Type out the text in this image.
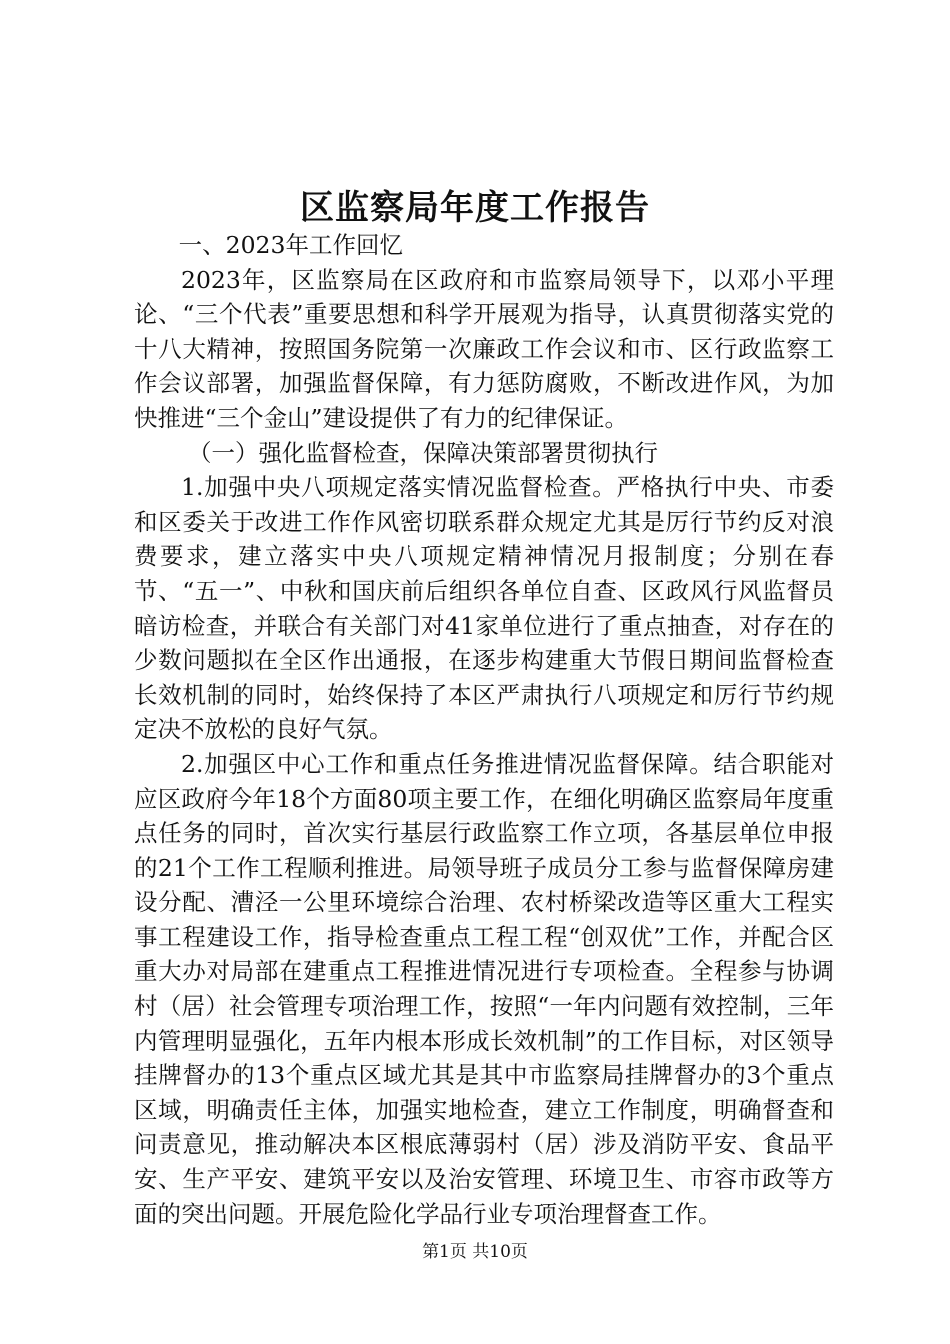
区监察局年度工作报告

一、2023年工作回忆

2023年，区监察局在区政府和市监察局领导下，以邓小平理论、“三个代表”重要思想和科学开展观为指导，认真贯彻落实党的十八大精神，按照国务院第一次廉政工作会议和市、区行政监察工作会议部署，加强监督保障，有力惩防腐败，不断改进作风，为加快推进“三个金山”建设提供了有力的纪律保证。

（一）强化监督检查，保障决策部署贯彻执行

1.加强中央八项规定落实情况监督检查。严格执行中央、市委和区委关于改进工作作风密切联系群众规定尤其是厉行节约反对浪费要求，建立落实中央八项规定精神情况月报制度；分别在春节、“五一”、中秋和国庆前后组织各单位自查、区政风行风监督员暗访检查，并联合有关部门对41家单位进行了重点抽查，对存在的少数问题拟在全区作出通报，在逐步构建重大节假日期间监督检查长效机制的同时，始终保持了本区严肃执行八项规定和厉行节约规定决不放松的良好气氛。

2.加强区中心工作和重点任务推进情况监督保障。结合职能对应区政府今年18个方面80项主要工作，在细化明确区监察局年度重点任务的同时，首次实行基层行政监察工作立项，各基层单位申报的21个工作工程顺利推进。局领导班子成员分工参与监督保障房建设分配、漕泾一公里环境综合治理、农村桥梁改造等区重大工程实事工程建设工作，指导检查重点工程工程“创双优”工作，并配合区重大办对局部在建重点工程推进情况进行专项检查。全程参与协调村（居）社会管理专项治理工作，按照“一年内问题有效控制，三年内管理明显强化，五年内根本形成长效机制”的工作目标，对区领导挂牌督办的13个重点区域尤其是其中市监察局挂牌督办的3个重点区域，明确责任主体，加强实地检查，建立工作制度，明确督查和问责意见，推动解决本区根底薄弱村（居）涉及消防平安、食品平安、生产平安、建筑平安以及治安管理、环境卫生、市容市政等方面的突出问题。开展危险化学品行业专项治理督查工作。

第1页 共10页
